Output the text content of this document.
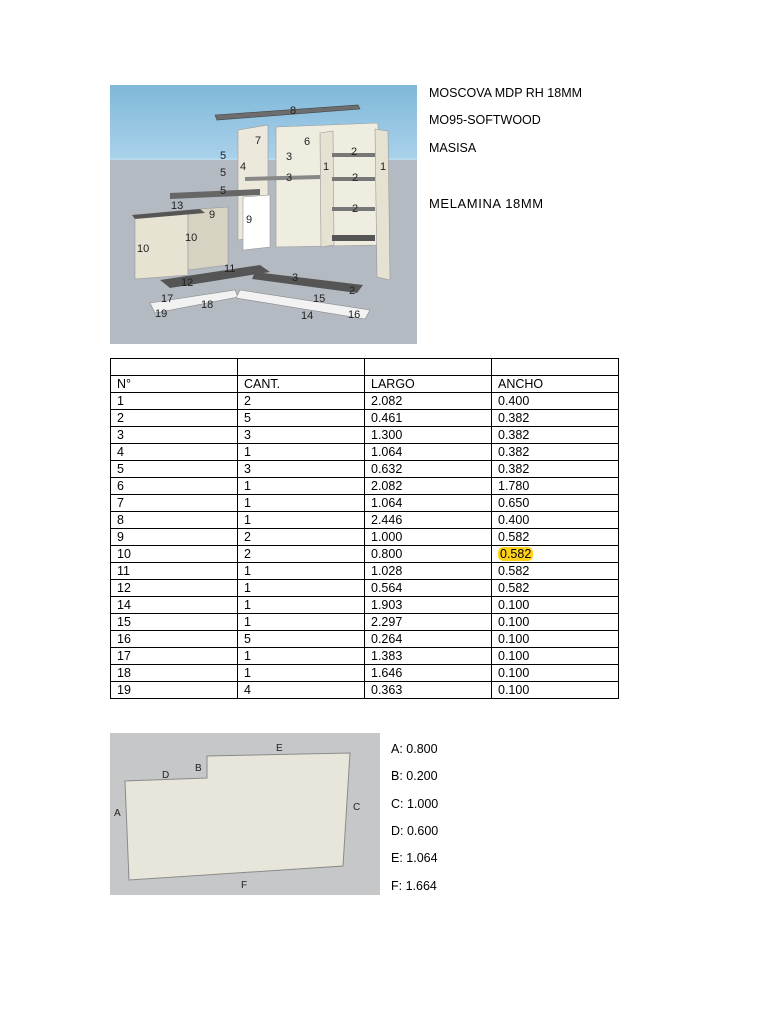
8
7	6
5	3	2
1
4	1
5	3	2
5
13
9	9
2
10
10
11
12	3
2
17	18	15
19	14	16
MOSCOVA MDP RH 18MM
MO95-SOFTWOOD
MASISA
MELAMINA 18MM

N°	CANT.	LARGO	ANCHO
1	2	2.082	0.400
2	5	0.461	0.382
3	3	1.300	0.382
4	1	1.064	0.382
5	3	0.632	0.382
6	1	2.082	1.780
7	1	1.064	0.650
8	1	2.446	0.400
9	2	1.000	0.582
10	2	0.800	0.582
11	1	1.028	0.582
12	1	0.564	0.582
14	1	1.903	0.100
15	1	2.297	0.100
16	5	0.264	0.100
17	1	1.383	0.100
18	1	1.646	0.100
19	4	0.363	0.100
A
B
C
D
E
F
A: 0.800
B: 0.200
C: 1.000
D: 0.600
E: 1.064
F: 1.664
